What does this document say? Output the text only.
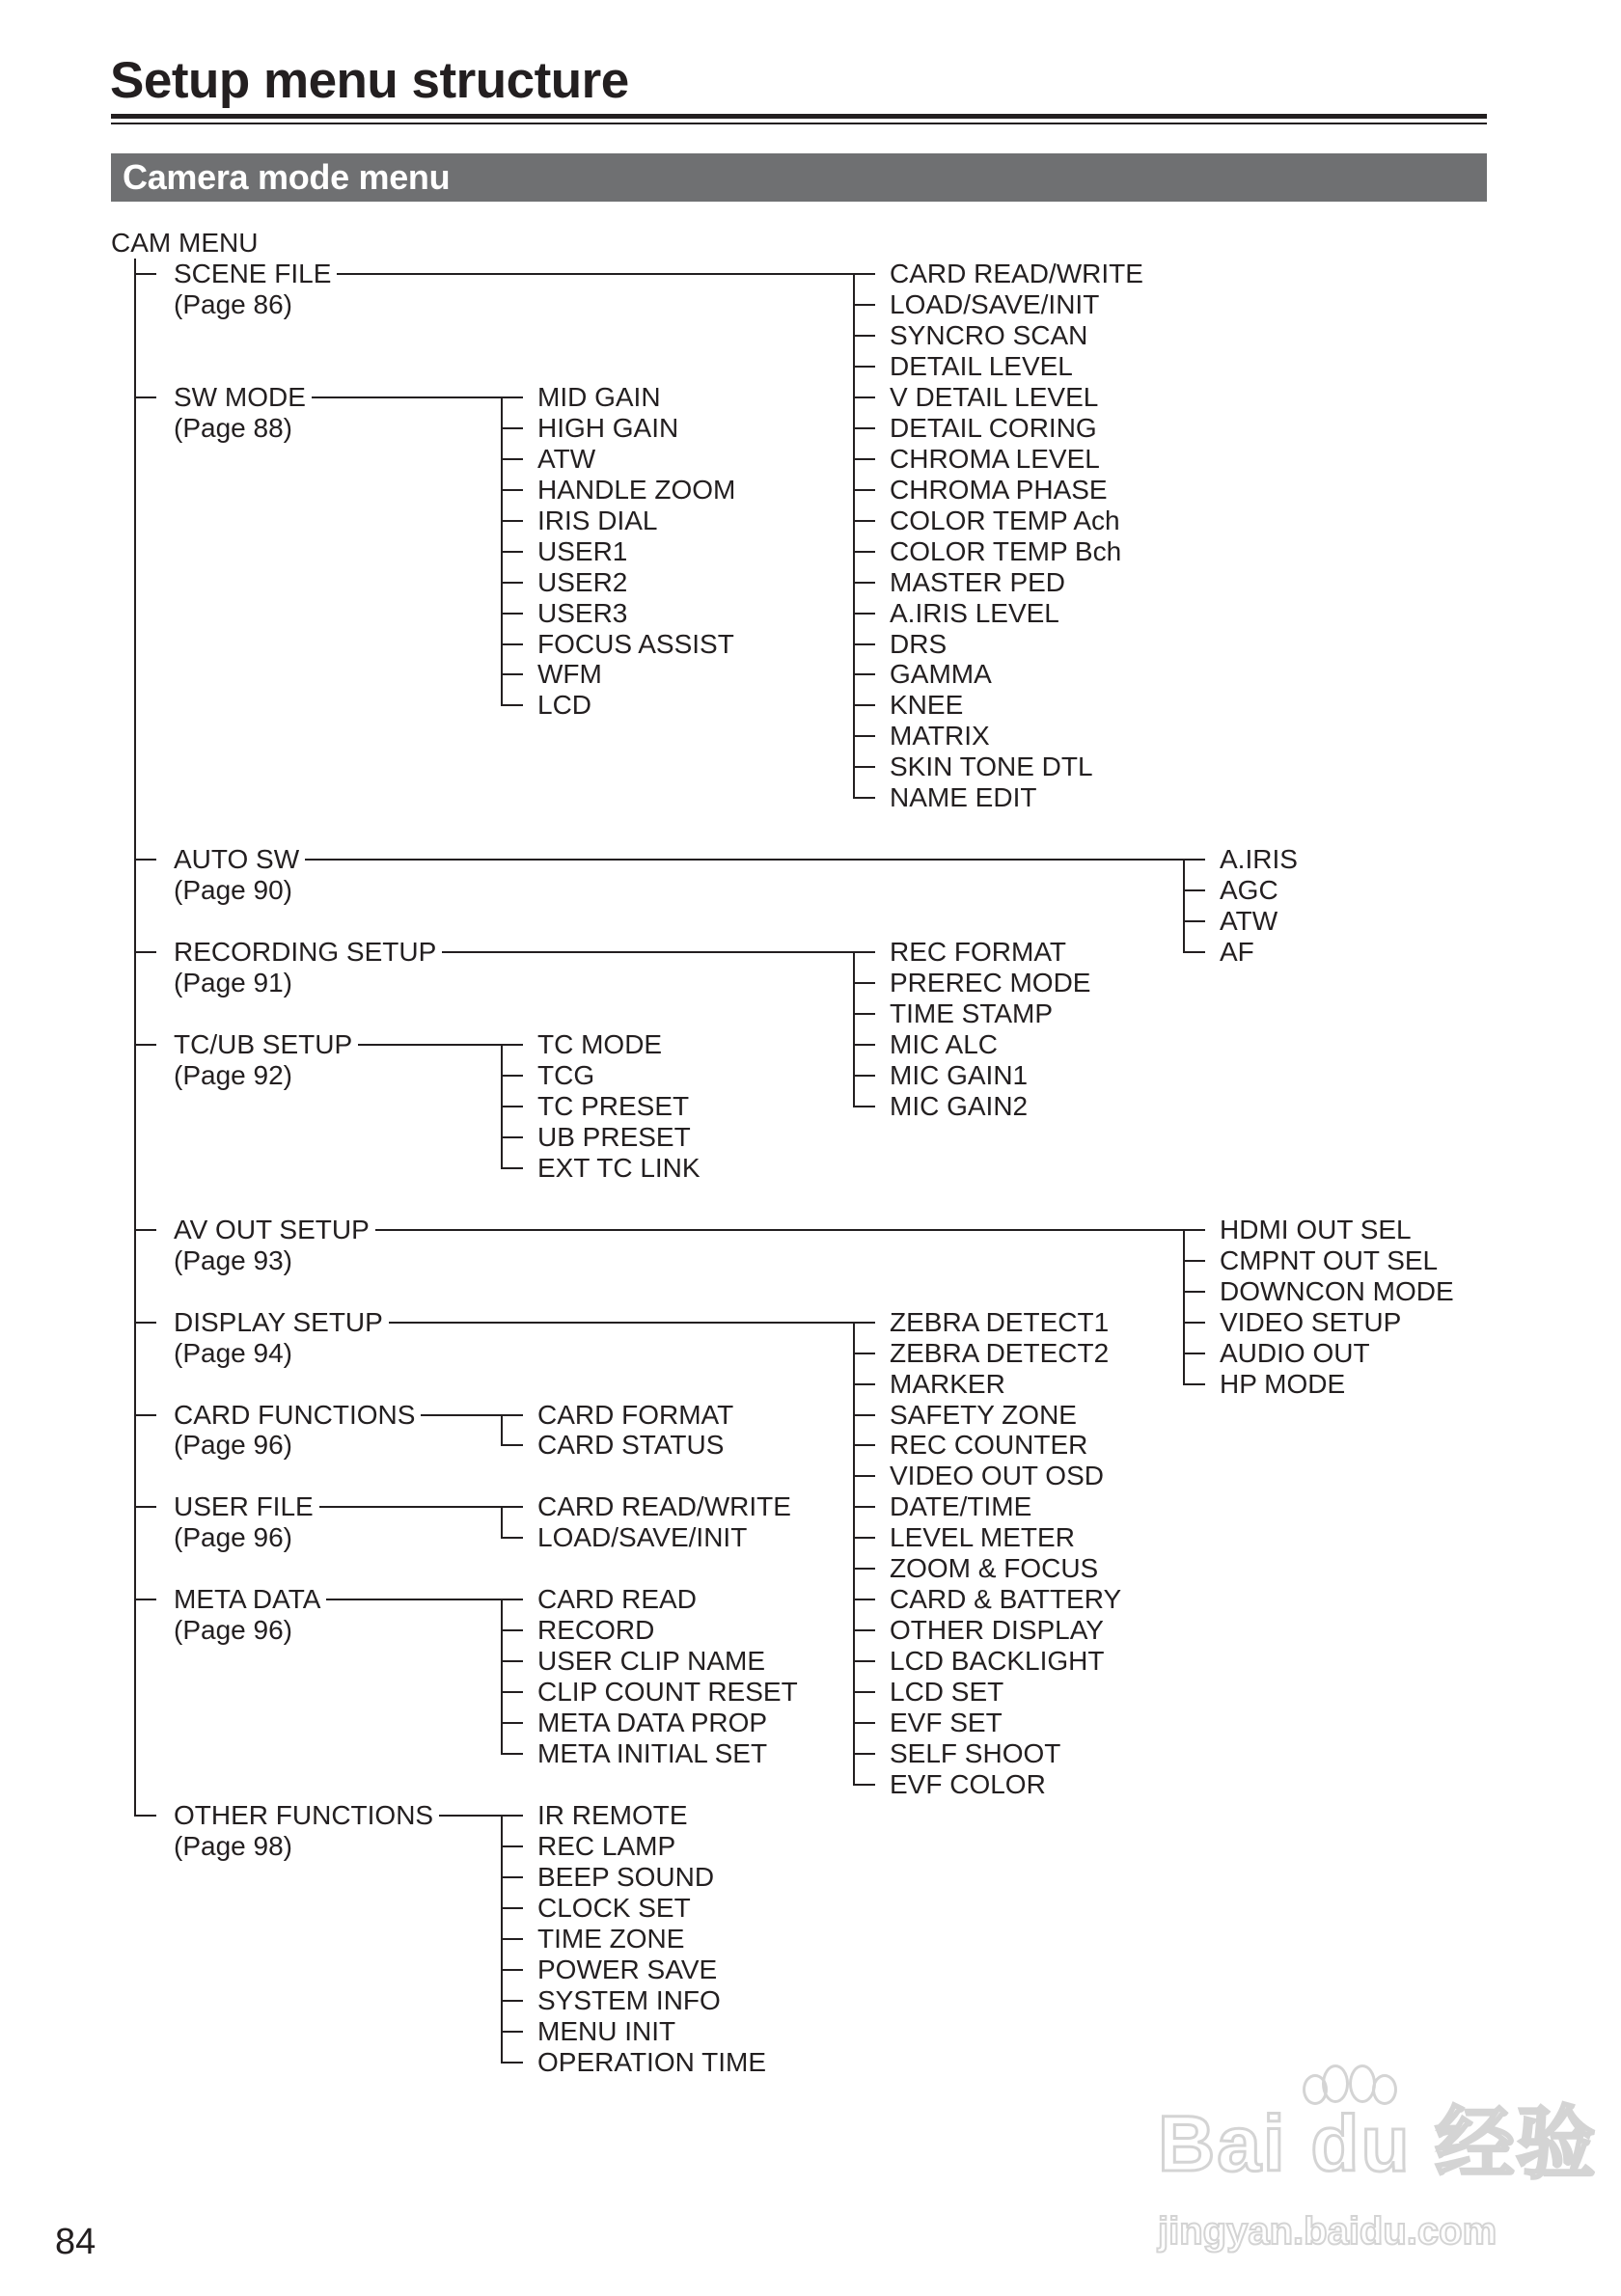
Setup menu structure
Camera mode menu
CAM MENU
SCENE FILE
(Page 86)
CARD READ/WRITE
LOAD/SAVE/INIT
SYNCRO SCAN
DETAIL LEVEL
V DETAIL LEVEL
DETAIL CORING
CHROMA LEVEL
CHROMA PHASE
COLOR TEMP Ach
COLOR TEMP Bch
MASTER PED
A.IRIS LEVEL
DRS
GAMMA
KNEE
MATRIX
SKIN TONE DTL
NAME EDIT
SW MODE
(Page 88)
MID GAIN
HIGH GAIN
ATW
HANDLE ZOOM
IRIS DIAL
USER1
USER2
USER3
FOCUS ASSIST
WFM
LCD
AUTO SW
(Page 90)
A.IRIS
AGC
ATW
AF
RECORDING SETUP
(Page 91)
REC FORMAT
PREREC MODE
TIME STAMP
MIC ALC
MIC GAIN1
MIC GAIN2
TC/UB SETUP
(Page 92)
TC MODE
TCG
TC PRESET
UB PRESET
EXT TC LINK
AV OUT SETUP
(Page 93)
HDMI OUT SEL
CMPNT OUT SEL
DOWNCON MODE
VIDEO SETUP
AUDIO OUT
HP MODE
DISPLAY SETUP
(Page 94)
ZEBRA DETECT1
ZEBRA DETECT2
MARKER
SAFETY ZONE
REC COUNTER
VIDEO OUT OSD
DATE/TIME
LEVEL METER
ZOOM & FOCUS
CARD & BATTERY
OTHER DISPLAY
LCD BACKLIGHT
LCD SET
EVF SET
SELF SHOOT
EVF COLOR
CARD FUNCTIONS
(Page 96)
CARD FORMAT
CARD STATUS
USER FILE
(Page 96)
CARD READ/WRITE
LOAD/SAVE/INIT
META DATA
(Page 96)
CARD READ
RECORD
USER CLIP NAME
CLIP COUNT RESET
META DATA PROP
META INITIAL SET
OTHER FUNCTIONS
(Page 98)
IR REMOTE
REC LAMP
BEEP SOUND
CLOCK SET
TIME ZONE
POWER SAVE
SYSTEM INFO
MENU INIT
OPERATION TIME
84
Bai du 经验
jingyan.baidu.com
